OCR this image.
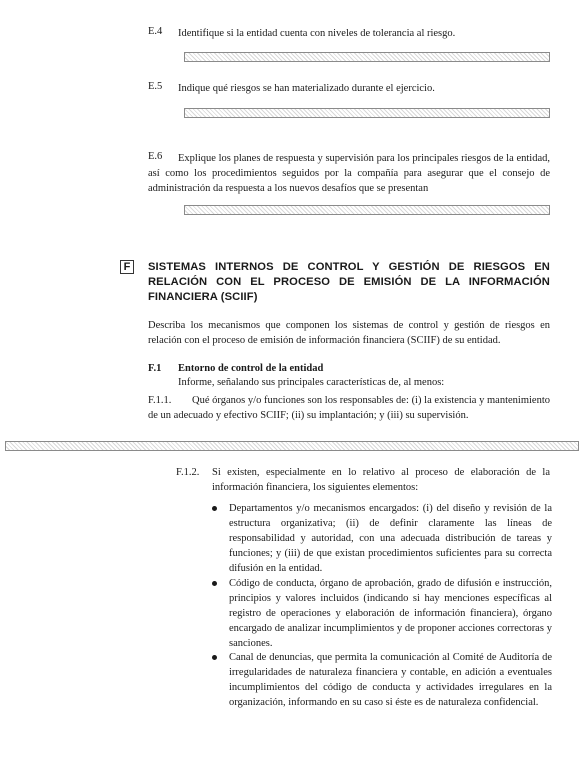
E.4 Identifique si la entidad cuenta con niveles de tolerancia al riesgo.
E.5 Indique qué riesgos se han materializado durante el ejercicio.
E.6	Explique los planes de respuesta y supervisión para los principales riesgos de la entidad, así como los procedimientos seguidos por la compañía para asegurar que el consejo de administración da respuesta a los nuevos desafíos que se presentan
F	SISTEMAS INTERNOS DE CONTROL Y GESTIÓN DE RIESGOS EN RELACIÓN CON EL PROCESO DE EMISIÓN DE LA INFORMACIÓN FINANCIERA (SCIIF)
Describa los mecanismos que componen los sistemas de control y gestión de riesgos en relación con el proceso de emisión de información financiera (SCIIF) de su entidad.
F.1 Entorno de control de la entidad
Informe, señalando sus principales características de, al menos:
F.1.1.	Qué órganos y/o funciones son los responsables de: (i) la existencia y mantenimiento de un adecuado y efectivo SCIIF; (ii) su implantación; y (iii) su supervisión.
F.1.2. Si existen, especialmente en lo relativo al proceso de elaboración de la información financiera, los siguientes elementos:
Departamentos y/o mecanismos encargados: (i) del diseño y revisión de la estructura organizativa; (ii) de definir claramente las líneas de responsabilidad y autoridad, con una adecuada distribución de tareas y funciones; y (iii) de que existan procedimientos suficientes para su correcta difusión en la entidad.
Código de conducta, órgano de aprobación, grado de difusión e instrucción, principios y valores incluidos (indicando si hay menciones específicas al registro de operaciones y elaboración de información financiera), órgano encargado de analizar incumplimientos y de proponer acciones correctoras y sanciones.
Canal de denuncias, que permita la comunicación al Comité de Auditoría de irregularidades de naturaleza financiera y contable, en adición a eventuales incumplimientos del código de conducta y actividades irregulares en la organización, informando en su caso si éste es de naturaleza confidencial.
